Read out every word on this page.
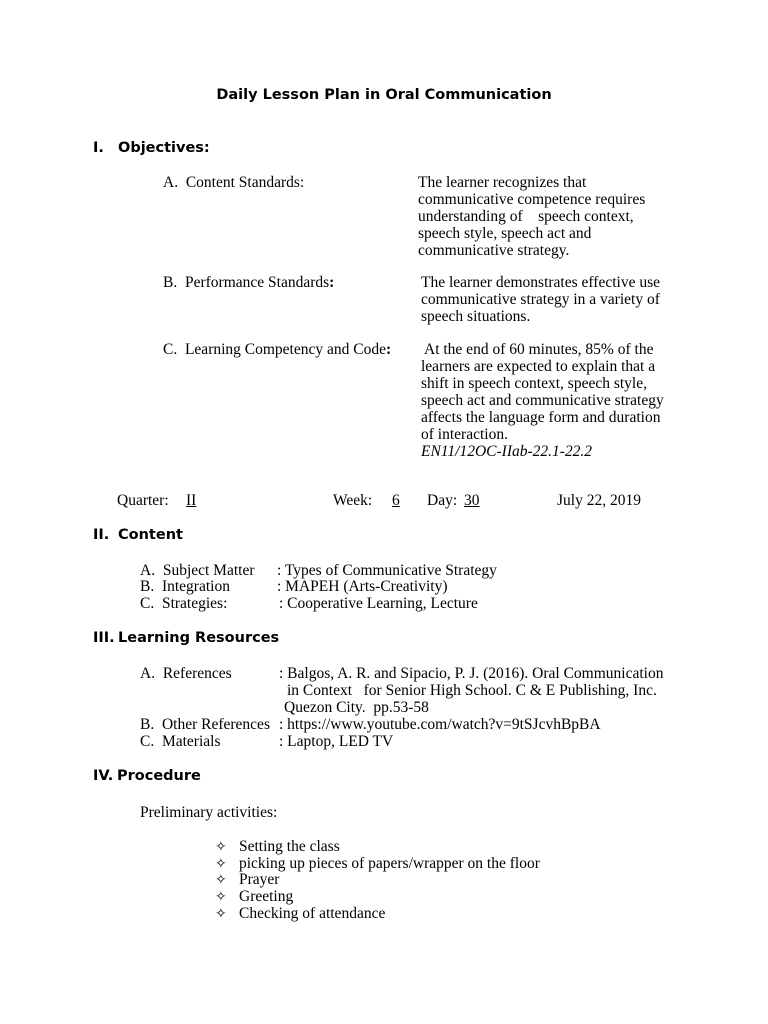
Daily Lesson Plan in Oral Communication
I. Objectives:
A.  Content Standards:	The learner recognizes that
communicative competence requires
understanding of    speech context,
speech style, speech act and
communicative strategy.
B.  Performance Standards:	The learner demonstrates effective use
communicative strategy in a variety of
speech situations.
C.  Learning Competency and Code: At the end of 60 minutes, 85% of the
learners are expected to explain that a
shift in speech context, speech style,
speech act and communicative strategy
affects the language form and duration
of interaction.
EN11/12OC-IIab-22.1-22.2
Quarter: II	Week: 6 Day: 30	July 22, 2019
II. Content
A.  Subject Matter : Types of Communicative Strategy
B.  Integration	: MAPEH (Arts-Creativity)
C.  Strategies:	: Cooperative Learning, Lecture
III. Learning Resources
A.  References	: Balgos, A. R. and Sipacio, P. J. (2016). Oral Communication
in Context   for Senior High School. C & E Publishing, Inc.
Quezon City.  pp.53-58
B.  Other References : https://www.youtube.com/watch?v=9tSJcvhBpBA
C.  Materials	: Laptop, LED TV
IV. Procedure
Preliminary activities:
✧ Setting the class
✧ picking up pieces of papers/wrapper on the floor
✧ Prayer
✧ Greeting
✧ Checking of attendance
